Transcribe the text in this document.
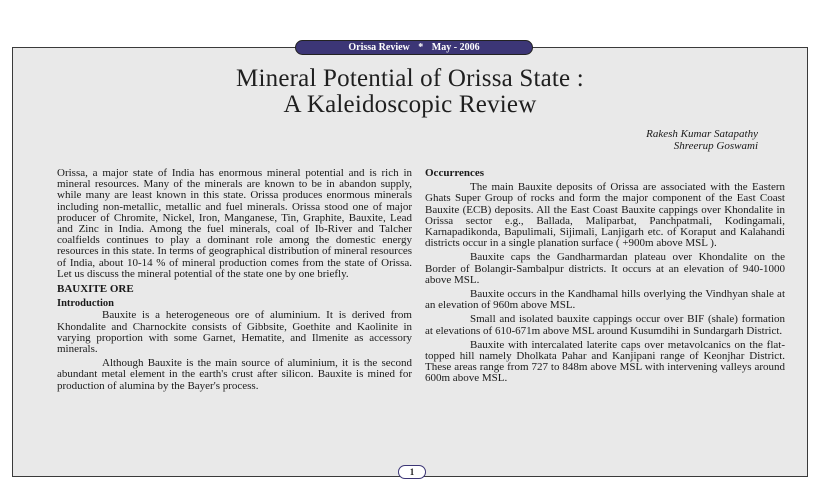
Orissa Review * May - 2006
Mineral Potential of Orissa State :
A Kaleidoscopic Review
Rakesh Kumar Satapathy
Shreerup Goswami

Orissa, a major state of India has enormous mineral potential and is rich in mineral resources. Many of the minerals are known to be in abandon supply, while many are least known in this state. Orissa produces enormous minerals including non-metallic, metallic and fuel minerals. Orissa stood one of major producer of Chromite, Nickel, Iron, Manganese, Tin, Graphite, Bauxite, Lead and Zinc in India. Among the fuel minerals, coal of Ib-River and Talcher coalfields continues to play a dominant role among the domestic energy resources in this state. In terms of geographical distribution of mineral resources of India, about 10-14 % of mineral production comes from the state of Orissa. Let us discuss the mineral potential of the state one by one briefly.

BAUXITE ORE
Introduction

Bauxite is a heterogeneous ore of aluminium. It is derived from Khondalite and Charnockite consists of Gibbsite, Goethite and Kaolinite in varying proportion with some Garnet, Hematite, and Ilmenite as accessory minerals.

Although Bauxite is the main source of aluminium, it is the second abundant metal element in the earth's crust after silicon. Bauxite is mined for production of alumina by the Bayer's process.

Occurrences

The main Bauxite deposits of Orissa are associated with the Eastern Ghats Super Group of rocks and form the major component of the East Coast Bauxite (ECB) deposits. All the East Coast Bauxite cappings over Khondalite in Orissa sector e.g., Ballada, Maliparbat, Panchpatmali, Kodingamali, Karnapadikonda, Bapulimali, Sijimali, Lanjigarh etc. of Koraput and Kalahandi districts occur in a single planation surface ( +900m above MSL ).

Bauxite caps the Gandharmardan plateau over Khondalite on the Border of Bolangir-Sambalpur districts. It occurs at an elevation of 940-1000 above MSL.

Bauxite occurs in the Kandhamal hills overlying the Vindhyan shale at an elevation of 960m above MSL.

Small and isolated bauxite cappings occur over BIF (shale) formation at elevations of 610-671m above MSL around Kusumdihi in Sundargarh District.

Bauxite with intercalated laterite caps over metavolcanics on the flat-topped hill namely Dholkata Pahar and Kanjipani range of Keonjhar District. These areas range from 727 to 848m above MSL with intervening valleys around 600m above MSL.

1
